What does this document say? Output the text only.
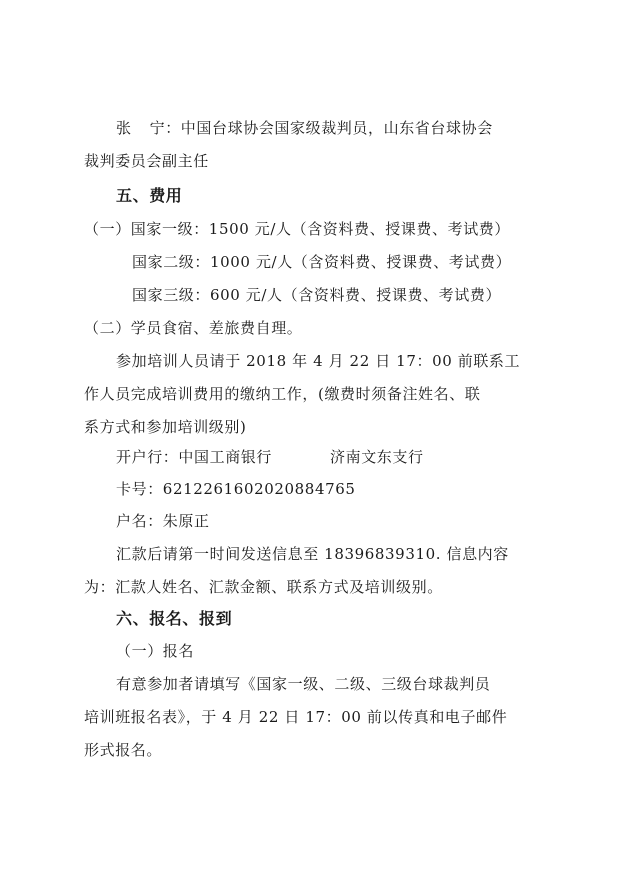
张 宁：中国台球协会国家级裁判员，山东省台球协会
裁判委员会副主任
五、费用
（一）国家一级：1500 元/人（含资料费、授课费、考试费）
国家二级：1000 元/人（含资料费、授课费、考试费）
国家三级：600 元/人（含资料费、授课费、考试费）
（二）学员食宿、差旅费自理。
参加培训人员请于 2018 年 4 月 22 日 17：00 前联系工
作人员完成培训费用的缴纳工作，(缴费时须备注姓名、联
系方式和参加培训级别)
开户行：中国工商银行	济南文东支行
卡号：6212261602020884765
户名：朱原正
汇款后请第一时间发送信息至 18396839310. 信息内容
为：汇款人姓名、汇款金额、联系方式及培训级别。
六、报名、报到
（一）报名
有意参加者请填写《国家一级、二级、三级台球裁判员
培训班报名表》，于 4 月 22 日 17：00 前以传真和电子邮件
形式报名。
